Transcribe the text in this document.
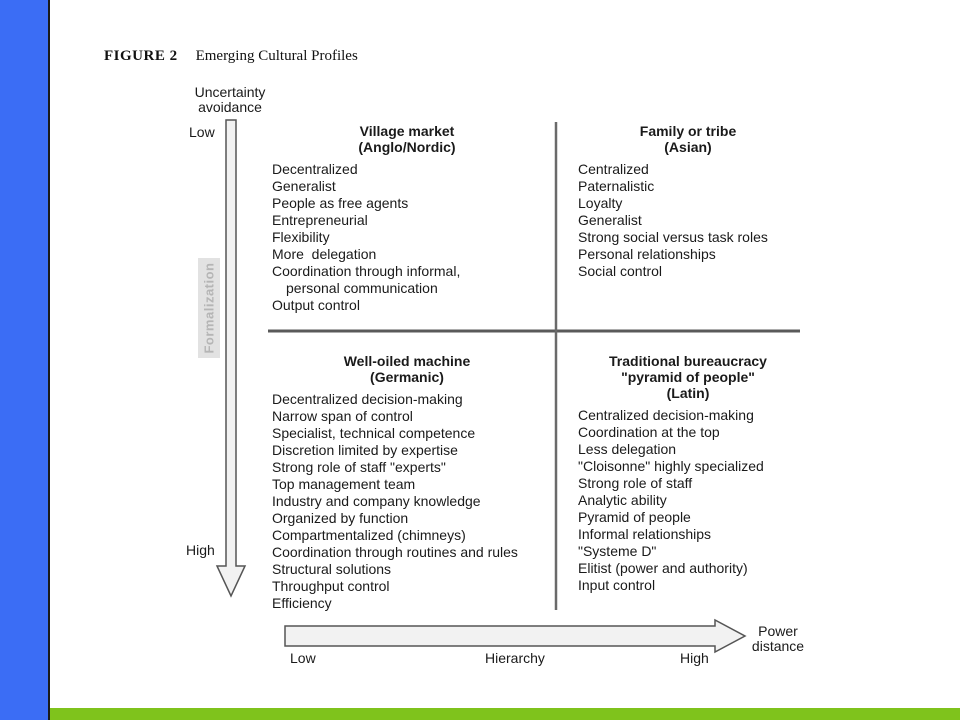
FIGURE 2 Emerging Cultural Profiles
Uncertainty avoidance
Low
High
Formalization
Low	Hierarchy	High
Power distance
Village market
(Anglo/Nordic)
Decentralized
Generalist
People as free agents
Entrepreneurial
Flexibility
More  delegation
Coordination through informal,
personal communication
Output control
Family or tribe
(Asian)
Centralized
Paternalistic
Loyalty
Generalist
Strong social versus task roles
Personal relationships
Social control
Well-oiled machine
(Germanic)
Decentralized decision-making
Narrow span of control
Specialist, technical competence
Discretion limited by expertise
Strong role of staff "experts"
Top management team
Industry and company knowledge
Organized by function
Compartmentalized (chimneys)
Coordination through routines and rules
Structural solutions
Throughput control
Efficiency
Traditional bureaucracy
"pyramid of people"
(Latin)
Centralized decision-making
Coordination at the top
Less delegation
"Cloisonne" highly specialized
Strong role of staff
Analytic ability
Pyramid of people
Informal relationships
"Systeme D"
Elitist (power and authority)
Input control
